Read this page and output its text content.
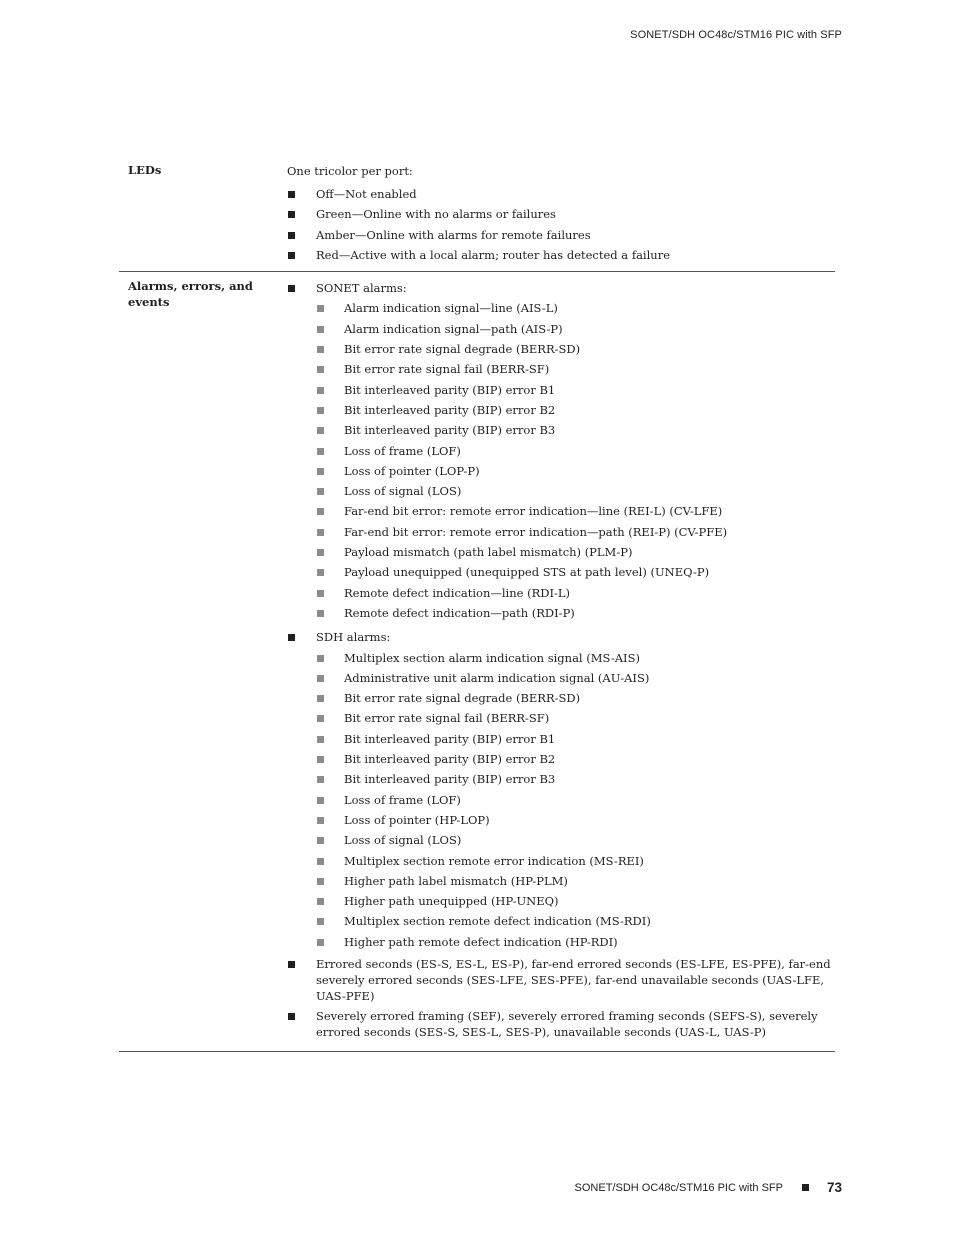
SONET/SDH OC48c/STM16 PIC with SFP
LEDs	One tricolor per port:
Off—Not enabled
Green—Online with no alarms or failures
Amber—Online with alarms for remote failures
Red—Active with a local alarm; router has detected a failure
Alarms, errors, and events
SONET alarms:
Alarm indication signal—line (AIS-L)
Alarm indication signal—path (AIS-P)
Bit error rate signal degrade (BERR-SD)
Bit error rate signal fail (BERR-SF)
Bit interleaved parity (BIP) error B1
Bit interleaved parity (BIP) error B2
Bit interleaved parity (BIP) error B3
Loss of frame (LOF)
Loss of pointer (LOP-P)
Loss of signal (LOS)
Far-end bit error: remote error indication—line (REI-L) (CV-LFE)
Far-end bit error: remote error indication—path (REI-P) (CV-PFE)
Payload mismatch (path label mismatch) (PLM-P)
Payload unequipped (unequipped STS at path level) (UNEQ-P)
Remote defect indication—line (RDI-L)
Remote defect indication—path (RDI-P)
SDH alarms:
Multiplex section alarm indication signal (MS-AIS)
Administrative unit alarm indication signal (AU-AIS)
Bit error rate signal degrade (BERR-SD)
Bit error rate signal fail (BERR-SF)
Bit interleaved parity (BIP) error B1
Bit interleaved parity (BIP) error B2
Bit interleaved parity (BIP) error B3
Loss of frame (LOF)
Loss of pointer (HP-LOP)
Loss of signal (LOS)
Multiplex section remote error indication (MS-REI)
Higher path label mismatch (HP-PLM)
Higher path unequipped (HP-UNEQ)
Multiplex section remote defect indication (MS-RDI)
Higher path remote defect indication (HP-RDI)
Errored seconds (ES-S, ES-L, ES-P), far-end errored seconds (ES-LFE, ES-PFE), far-end severely errored seconds (SES-LFE, SES-PFE), far-end unavailable seconds (UAS-LFE, UAS-PFE)
Severely errored framing (SEF), severely errored framing seconds (SEFS-S), severely errored seconds (SES-S, SES-L, SES-P), unavailable seconds (UAS-L, UAS-P)
SONET/SDH OC48c/STM16 PIC with SFP	73
